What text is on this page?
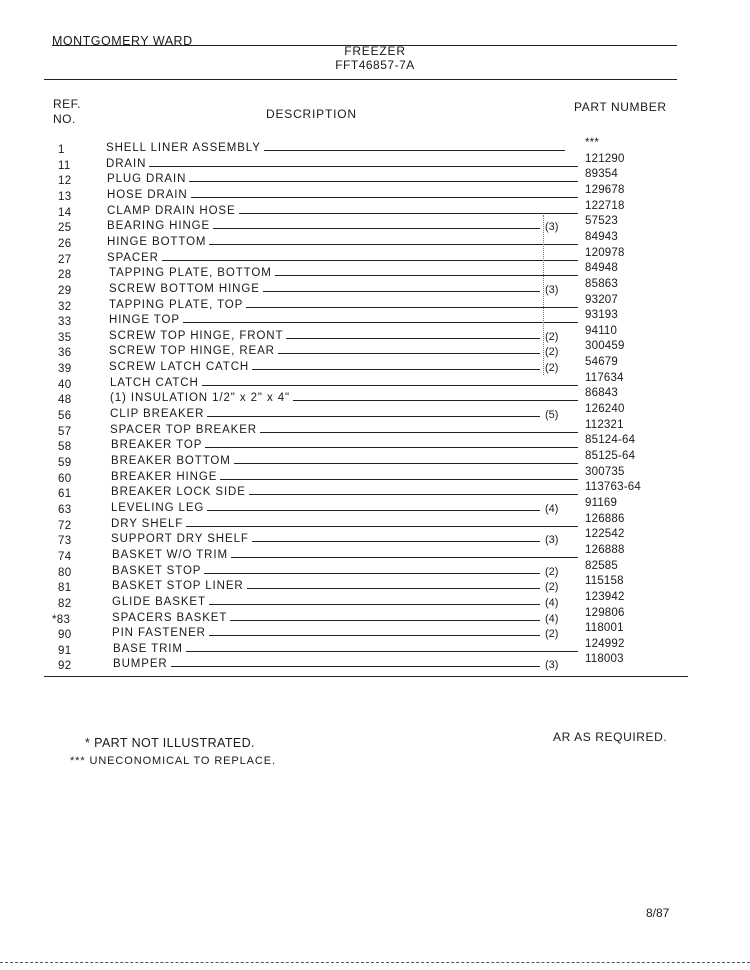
MONTGOMERY WARD
FREEZER
FFT46857-7A
REF.
NO.	DESCRIPTION	PART NUMBER
1	SHELL LINER ASSEMBLY	***
11	DRAIN	121290
12	PLUG DRAIN	89354
13	HOSE DRAIN	129678
14	CLAMP DRAIN HOSE	122718
25	BEARING HINGE	(3) 57523
26	HINGE BOTTOM	84943
27	SPACER	120978
28	TAPPING PLATE, BOTTOM	84948
29	SCREW BOTTOM HINGE	(3) 85863
32	TAPPING PLATE, TOP	93207
33	HINGE TOP	93193
35	SCREW TOP HINGE, FRONT	(2) 94110
36	SCREW TOP HINGE, REAR	(2) 300459
39	SCREW LATCH CATCH	(2) 54679
40	LATCH CATCH	117634
48	(1) INSULATION 1/2" x 2" x 4"	86843
56	CLIP BREAKER	(5) 126240
57	SPACER TOP BREAKER	112321
58	BREAKER TOP	85124-64
59	BREAKER BOTTOM	85125-64
60	BREAKER HINGE	300735
61	BREAKER LOCK SIDE	113763-64
63	LEVELING LEG	(4) 91169
72	DRY SHELF	126886
73	SUPPORT DRY SHELF	(3) 122542
74	BASKET W/O TRIM	126888
80	BASKET STOP	(2) 82585
81	BASKET STOP LINER	(2) 115158
82	GLIDE BASKET	(4) 123942
*83	SPACERS BASKET	(4) 129806
90	PIN FASTENER	(2) 118001
91	BASE TRIM	124992
92	BUMPER	(3) 118003
* PART NOT ILLUSTRATED.
*** UNECONOMICAL TO REPLACE.
AR AS REQUIRED.
8/87
